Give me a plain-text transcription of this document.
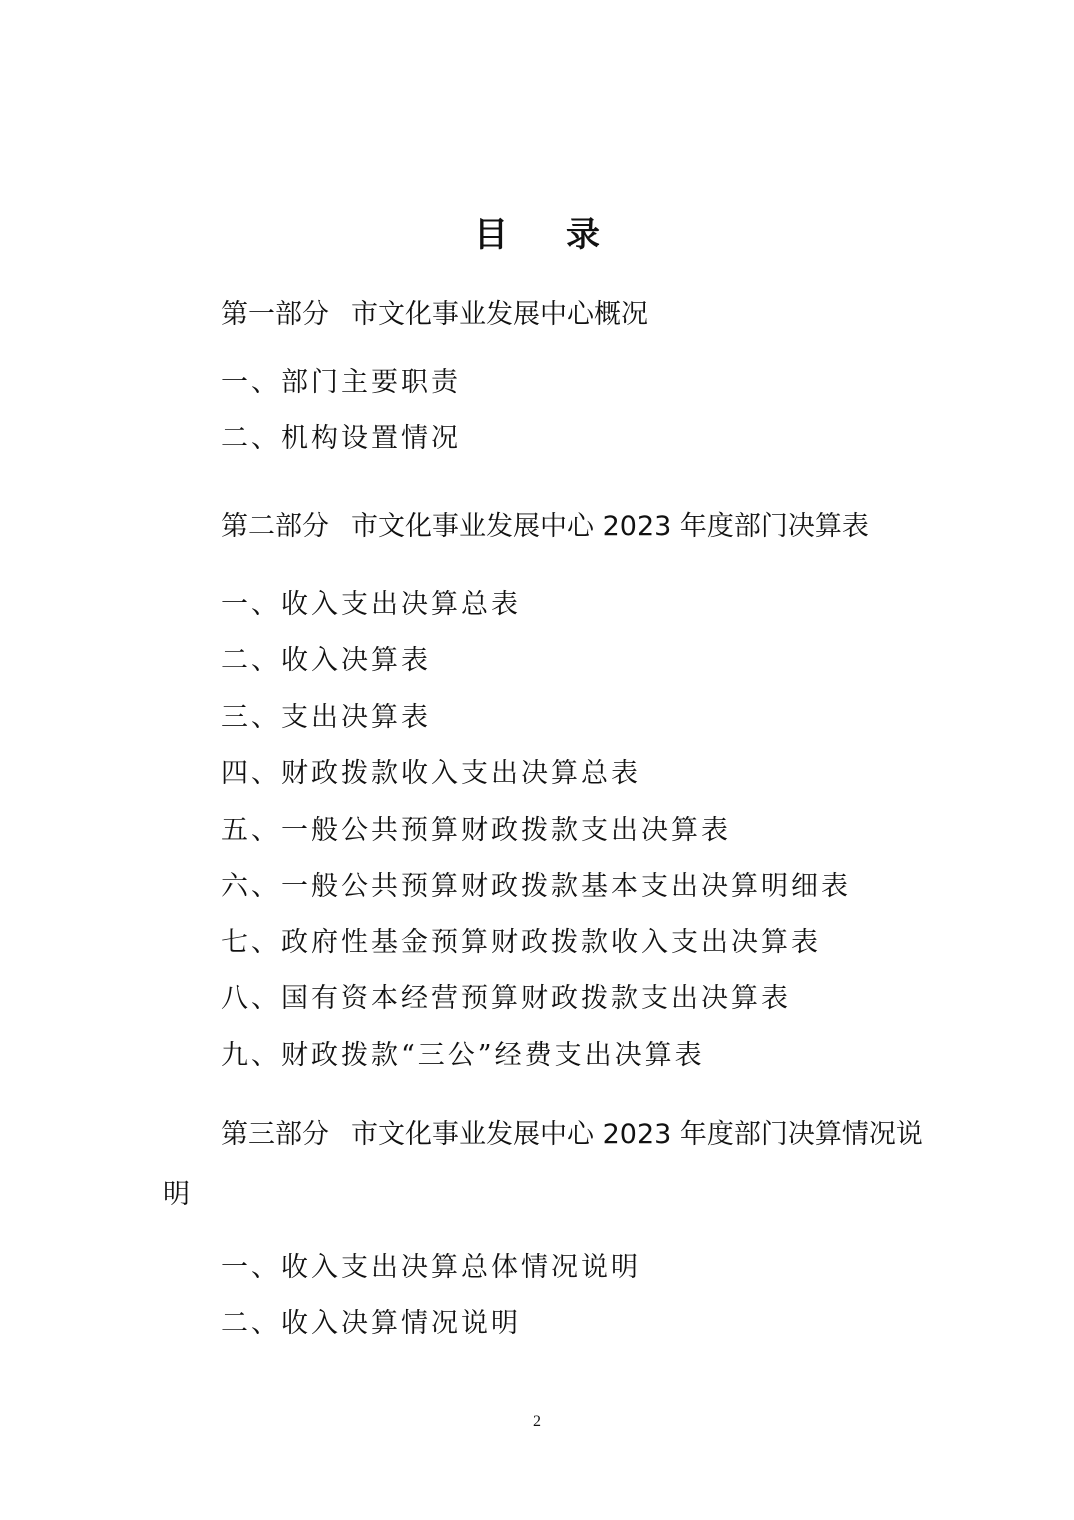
目录
第一部分 市文化事业发展中心概况
一、部门主要职责
二、机构设置情况
第二部分 市文化事业发展中心 2023 年度部门决算表
一、收入支出决算总表
二、收入决算表
三、支出决算表
四、财政拨款收入支出决算总表
五、一般公共预算财政拨款支出决算表
六、一般公共预算财政拨款基本支出决算明细表
七、政府性基金预算财政拨款收入支出决算表
八、国有资本经营预算财政拨款支出决算表
九、财政拨款“三公”经费支出决算表
第三部分 市文化事业发展中心 2023 年度部门决算情况说明
一、收入支出决算总体情况说明
二、收入决算情况说明
2
